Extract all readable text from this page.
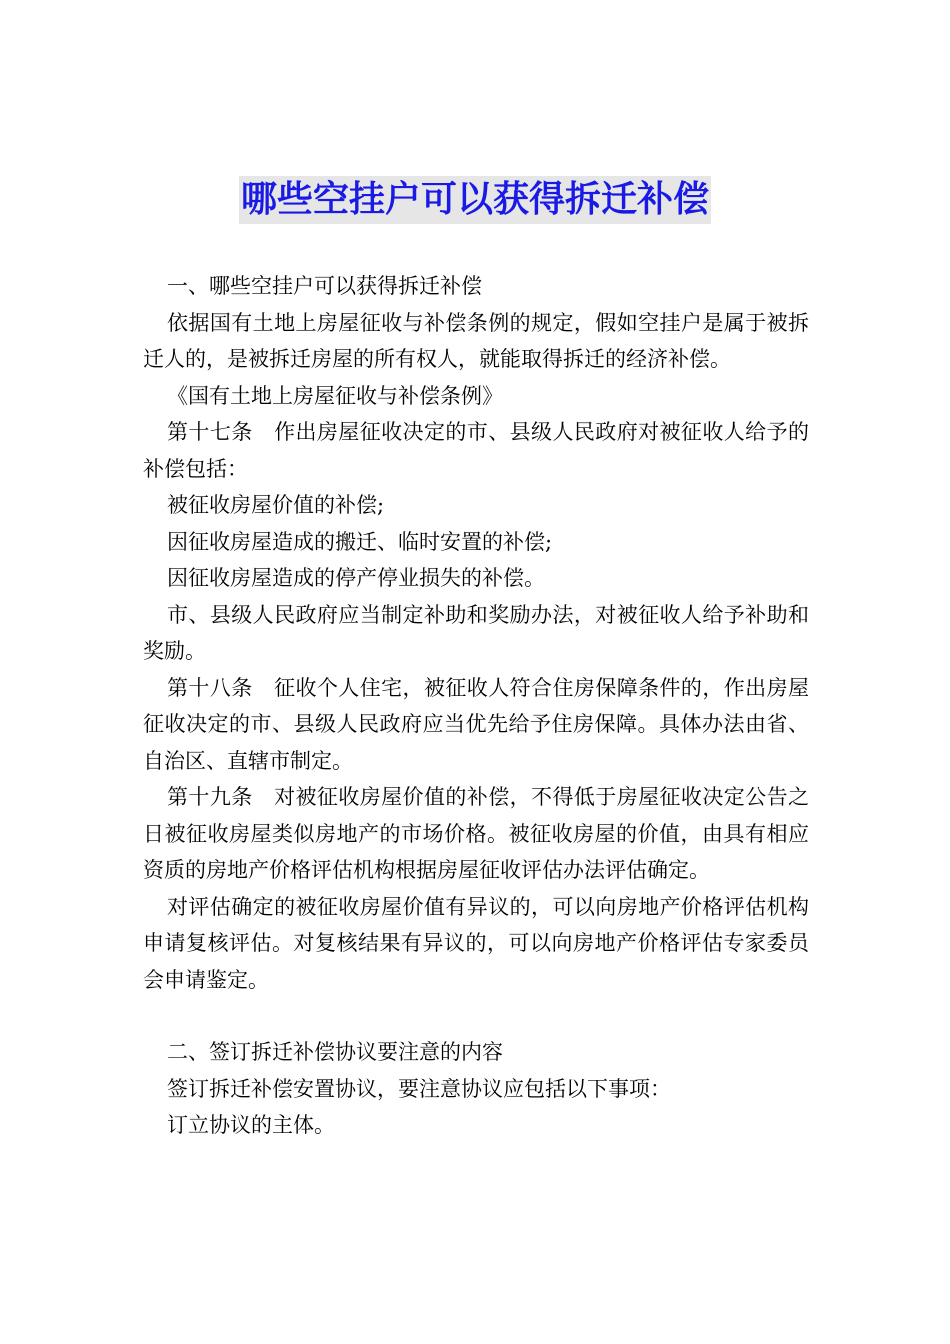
哪些空挂户可以获得拆迁补偿

一、哪些空挂户可以获得拆迁补偿

依据国有土地上房屋征收与补偿条例的规定，假如空挂户是属于被拆迁人的，是被拆迁房屋的所有权人，就能取得拆迁的经济补偿。

《国有土地上房屋征收与补偿条例》

第十七条　作出房屋征收决定的市、县级人民政府对被征收人给予的补偿包括：

被征收房屋价值的补偿;

因征收房屋造成的搬迁、临时安置的补偿;

因征收房屋造成的停产停业损失的补偿。

市、县级人民政府应当制定补助和奖励办法，对被征收人给予补助和奖励。

第十八条　征收个人住宅，被征收人符合住房保障条件的，作出房屋征收决定的市、县级人民政府应当优先给予住房保障。具体办法由省、自治区、直辖市制定。

第十九条　对被征收房屋价值的补偿，不得低于房屋征收决定公告之日被征收房屋类似房地产的市场价格。被征收房屋的价值，由具有相应资质的房地产价格评估机构根据房屋征收评估办法评估确定。

对评估确定的被征收房屋价值有异议的，可以向房地产价格评估机构申请复核评估。对复核结果有异议的，可以向房地产价格评估专家委员会申请鉴定。

二、签订拆迁补偿协议要注意的内容

签订拆迁补偿安置协议，要注意协议应包括以下事项：

订立协议的主体。
